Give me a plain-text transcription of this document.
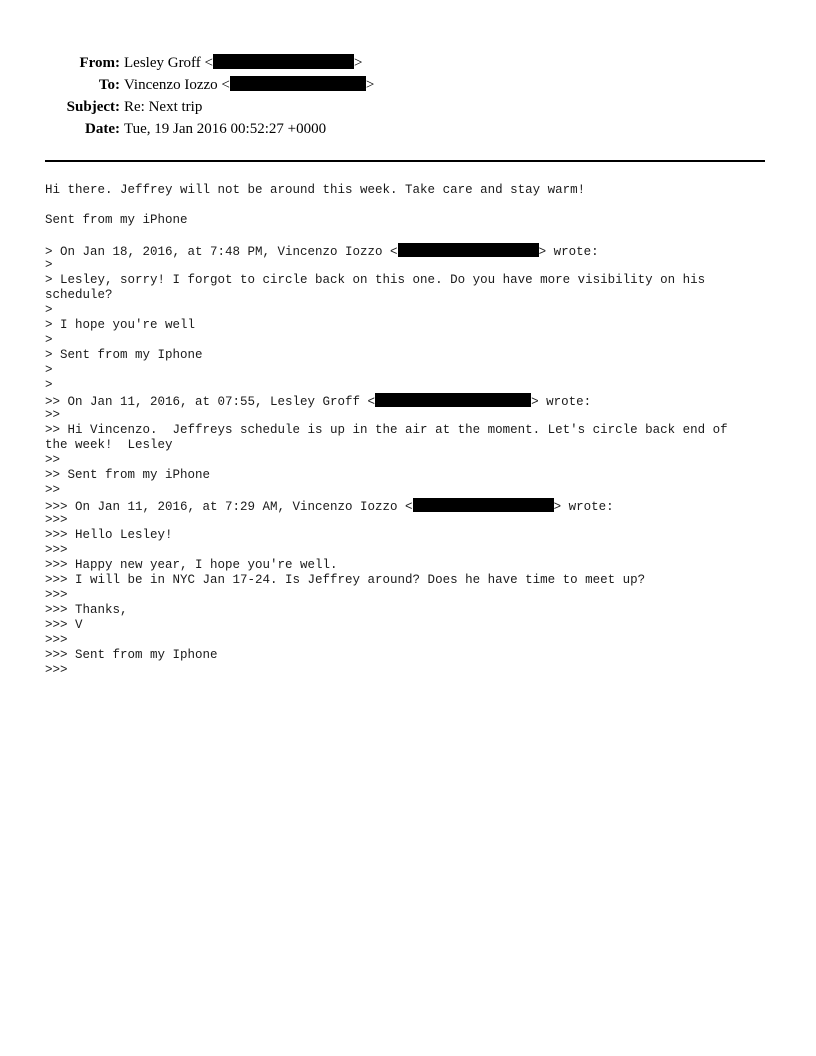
From: Lesley Groff <	>
To: Vincenzo Iozzo <	>
Subject: Re: Next trip
Date: Tue, 19 Jan 2016 00:52:27 +0000
Hi there. Jeffrey will not be around this week. Take care and stay warm!
Sent from my iPhone
> On Jan 18, 2016, at 7:48 PM, Vincenzo Iozzo <	> wrote:
>
> Lesley, sorry! I forgot to circle back on this one. Do you have more visibility on his
schedule?
>
> I hope you're well
>
> Sent from my Iphone
>
>
>> On Jan 11, 2016, at 07:55, Lesley Groff <	> wrote:
>>
>> Hi Vincenzo.  Jeffreys schedule is up in the air at the moment. Let's circle back end of
the week!  Lesley
>>
>> Sent from my iPhone
>>
>>> On Jan 11, 2016, at 7:29 AM, Vincenzo Iozzo <	> wrote:
>>>
>>> Hello Lesley!
>>>
>>> Happy new year, I hope you're well.
>>> I will be in NYC Jan 17-24. Is Jeffrey around? Does he have time to meet up?
>>>
>>> Thanks,
>>> V
>>>
>>> Sent from my Iphone
>>>
